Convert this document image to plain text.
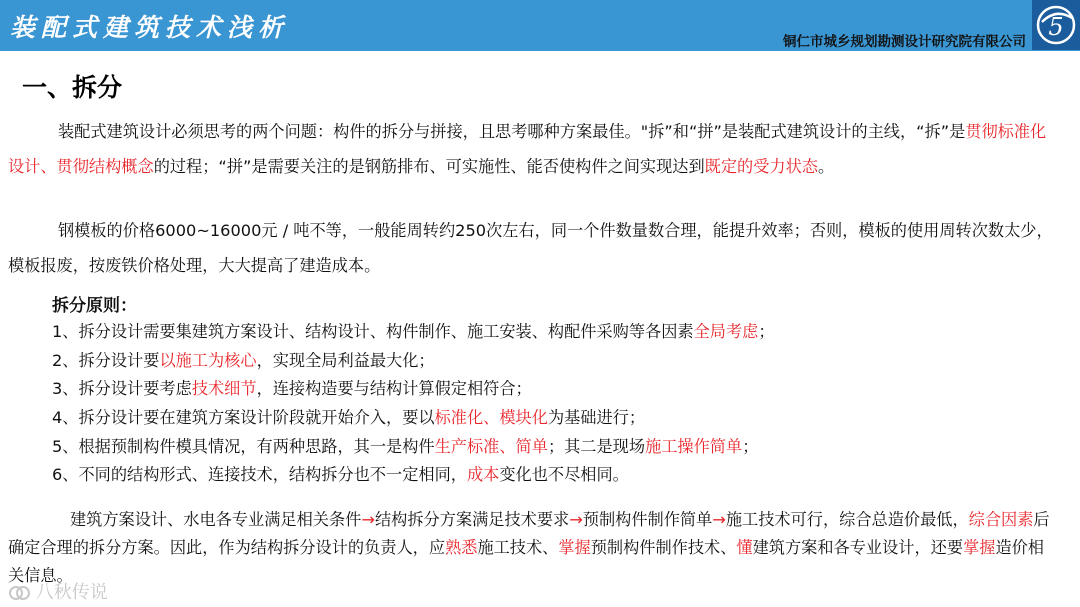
装配式建筑技术浅析	铜仁市城乡规划勘测设计研究院有限公司
5
一、拆分
装配式建筑设计必须思考的两个问题：构件的拆分与拼接，且思考哪种方案最佳。"拆”和“拼”是装配式建筑设计的主线，“拆”是贯彻标准化设计、贯彻结构概念的过程；“拼”是需要关注的是钢筋排布、可实施性、能否使构件之间实现达到既定的受力状态。
钢模板的价格6000~16000元 / 吨不等，一般能周转约250次左右，同一个件数量数合理，能提升效率；否则，模板的使用周转次数太少，模板报废，按废铁价格处理，大大提高了建造成本。
拆分原则：
1、拆分设计需要集建筑方案设计、结构设计、构件制作、施工安装、构配件采购等各因素全局考虑；
2、拆分设计要以施工为核心，实现全局利益最大化；
3、拆分设计要考虑技术细节，连接构造要与结构计算假定相符合；
4、拆分设计要在建筑方案设计阶段就开始介入，要以标准化、模块化为基础进行；
5、根据预制构件模具情况，有两种思路，其一是构件生产标准、简单；其二是现场施工操作简单；
6、不同的结构形式、连接技术，结构拆分也不一定相同，成本变化也不尽相同。
建筑方案设计、水电各专业满足相关条件→结构拆分方案满足技术要求→预制构件制作简单→施工技术可行，综合总造价最低，综合因素后确定合理的拆分方案。因此，作为结构拆分设计的负责人，应熟悉施工技术、掌握预制构件制作技术、懂建筑方案和各专业设计，还要掌握造价相关信息。
八秋传说
